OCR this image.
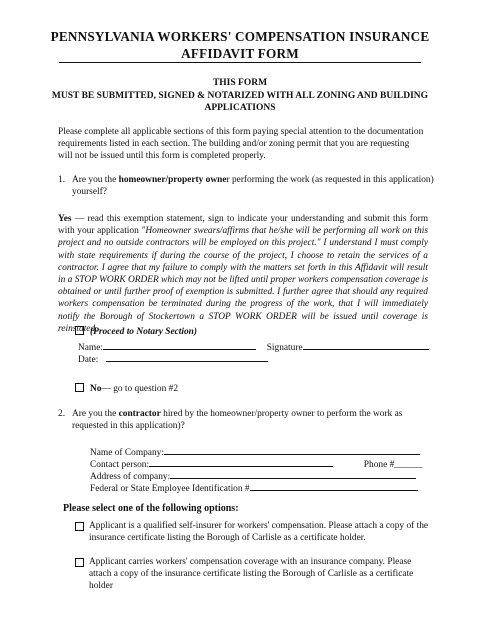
PENNSYLVANIA WORKERS' COMPENSATION INSURANCE
AFFIDAVIT FORM
THIS FORM
MUST BE SUBMITTED, SIGNED & NOTARIZED WITH ALL ZONING AND BUILDING
APPLICATIONS
Please complete all applicable sections of this form paying special attention to the documentation requirements listed in each section. The building and/or zoning permit that you are requesting will not be issued until this form is completed properly.
1. Are you the homeowner/property owner performing the work (as requested in this application) yourself?
Yes — read this exemption statement, sign to indicate your understanding and submit this form with your application "Homeowner swears/affirms that he/she will be performing all work on this project and no outside contractors will be employed on this project." I understand I must comply with state requirements if during the course of the project, I choose to retain the services of a contractor. I agree that my failure to comply with the matters set forth in this Affidavit will result in a STOP WORK ORDER which may not be lifted until proper workers compensation coverage is obtained or until further proof of exemption is submitted. I further agree that should any required workers compensation be terminated during the progress of the work, that I will immediately notify the Borough of Stockertown a STOP WORK ORDER will be issued until coverage is reinstated.
(Proceed to Notary Section)
Name:	Signature
Date:
No— go to question #2
2. Are you the contractor hired by the homeowner/property owner to perform the work as requested in this application)?
Name of Company:
Contact person:	Phone #______
Address of company:
Federal or State Employee Identification #
Please select one of the following options:
Applicant is a qualified self-insurer for workers' compensation. Please attach a copy of the insurance certificate listing the Borough of Carlisle as a certificate holder.
Applicant carries workers' compensation coverage with an insurance company. Please attach a copy of the insurance certificate listing the Borough of Carlisle as a certificate holder
